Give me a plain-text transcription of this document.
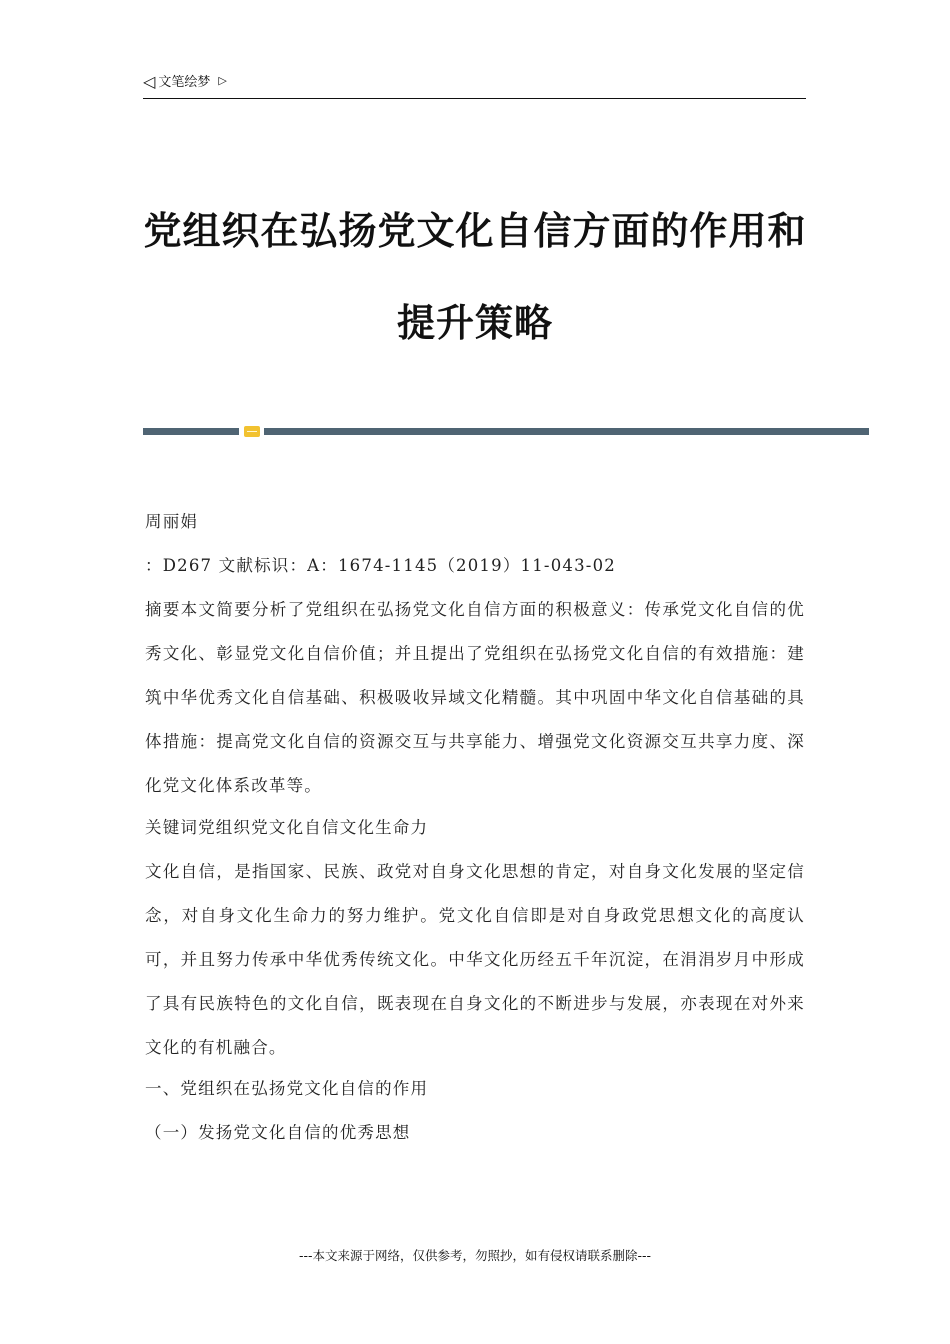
◁ 文笔绘梦 ▷
党组织在弘扬党文化自信方面的作用和
提升策略

周丽娟

：D267 文献标识：A：1674-1145（2019）11-043-02

摘要本文简要分析了党组织在弘扬党文化自信方面的积极意义：传承党文化自信的优秀文化、彰显党文化自信价值；并且提出了党组织在弘扬党文化自信的有效措施：建筑中华优秀文化自信基础、积极吸收异域文化精髓。其中巩固中华文化自信基础的具体措施：提高党文化自信的资源交互与共享能力、增强党文化资源交互共享力度、深化党文化体系改革等。

关键词党组织党文化自信文化生命力

文化自信，是指国家、民族、政党对自身文化思想的肯定，对自身文化发展的坚定信念，对自身文化生命力的努力维护。党文化自信即是对自身政党思想文化的高度认可，并且努力传承中华优秀传统文化。中华文化历经五千年沉淀，在涓涓岁月中形成了具有民族特色的文化自信，既表现在自身文化的不断进步与发展，亦表现在对外来文化的有机融合。

一、党组织在弘扬党文化自信的作用

（一）发扬党文化自信的优秀思想

---本文来源于网络，仅供参考，勿照抄，如有侵权请联系删除---
